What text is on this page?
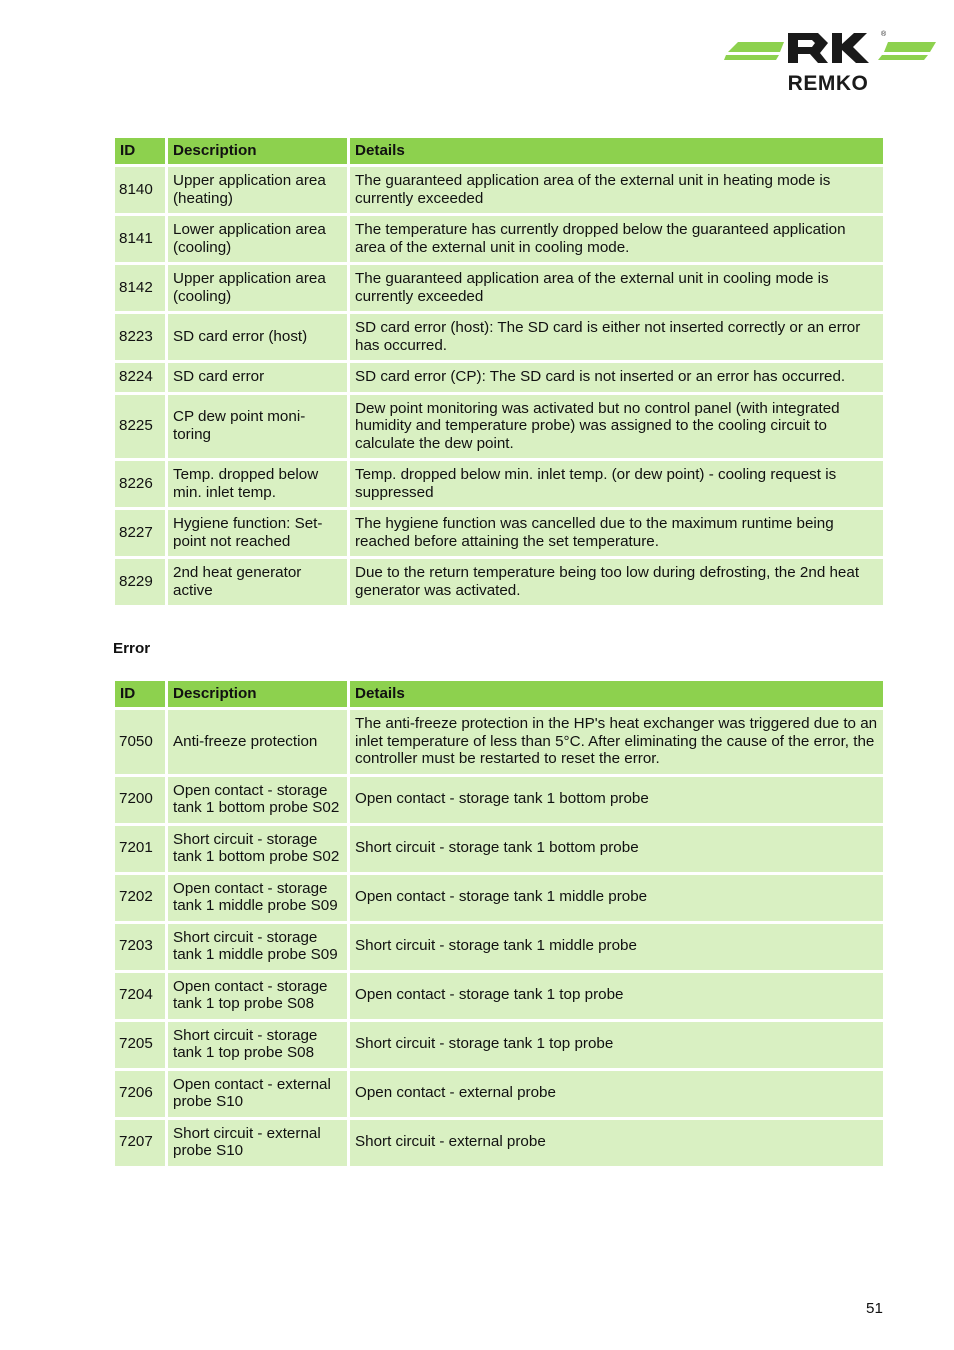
®
REMKO
ID	Description	Details
8140	Upper application area (heating)	The guaranteed application area of the external unit in heating mode is currently exceeded
8141	Lower application area (cooling)	The temperature has currently dropped below the guaranteed application area of the external unit in cooling mode.
8142	Upper application area (cooling)	The guaranteed application area of the external unit in cooling mode is currently exceeded
8223	SD card error (host)	SD card error (host): The SD card is either not inserted correctly or an error has occurred.
8224	SD card error	SD card error (CP): The SD card is not inserted or an error has occurred.
8225	CP dew point moni-toring	Dew point monitoring was activated but no control panel (with integrated humidity and temperature probe) was assigned to the cooling circuit to calculate the dew point.
8226	Temp. dropped below min. inlet temp.	Temp. dropped below min. inlet temp. (or dew point) - cooling request is suppressed
8227	Hygiene function: Set-point not reached	The hygiene function was cancelled due to the maximum runtime being reached before attaining the set temperature.
8229	2nd heat generator active	Due to the return temperature being too low during defrosting, the 2nd heat generator was activated.
Error
ID	Description	Details
7050	Anti-freeze protection	The anti-freeze protection in the HP's heat exchanger was triggered due to an inlet temperature of less than 5°C. After eliminating the cause of the error, the controller must be restarted to reset the error.
7200	Open contact - storage tank 1 bottom probe S02	Open contact - storage tank 1 bottom probe
7201	Short circuit - storage tank 1 bottom probe S02	Short circuit - storage tank 1 bottom probe
7202	Open contact - storage tank 1 middle probe S09	Open contact - storage tank 1 middle probe
7203	Short circuit - storage tank 1 middle probe S09	Short circuit - storage tank 1 middle probe
7204	Open contact - storage tank 1 top probe S08	Open contact - storage tank 1 top probe
7205	Short circuit - storage tank 1 top probe S08	Short circuit - storage tank 1 top probe
7206	Open contact - external probe S10	Open contact - external probe
7207	Short circuit - external probe S10	Short circuit - external probe
51
